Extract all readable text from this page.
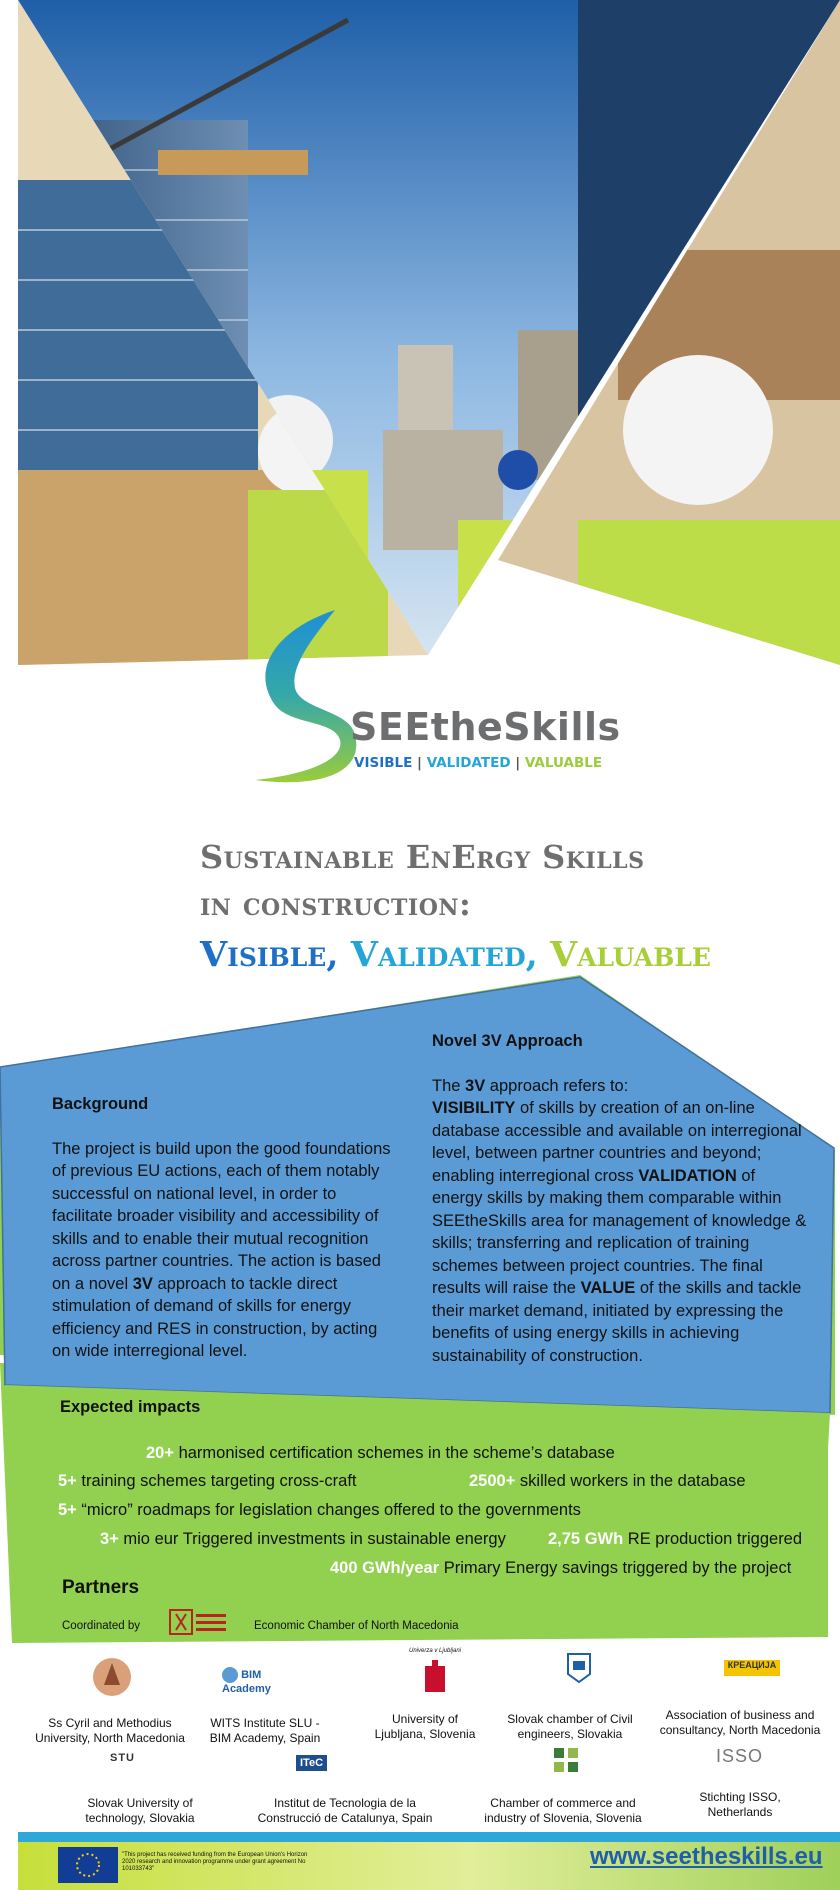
SEEtheSkills
VISIBLE | VALIDATED | VALUABLE
Sustainable EnErgy Skills
in construction:
Visible, Validated, Valuable
Background
The project is build upon the good foundations of previous EU actions, each of them notably successful on national level, in order to facilitate broader visibility and accessibility of skills and to enable their mutual recognition across partner countries. The action is based on a novel 3V approach to tackle direct stimulation of demand of skills for energy efficiency and RES in construction, by acting on wide interregional level.
Novel 3V Approach
The 3V approach refers to:
VISIBILITY of skills by creation of an on-line database accessible and available on interregional level, between partner countries and beyond; enabling interregional cross VALIDATION of energy skills by making them comparable within SEEtheSkills area for management of knowledge & skills; transferring and replication of training schemes between project countries. The final results will raise the VALUE of the skills and tackle their market demand, initiated by expressing the benefits of using energy skills in achieving sustainability of construction.
Expected impacts
20+ harmonised certification schemes in the scheme’s database
5+ training schemes targeting cross-craft	2500+ skilled workers in the database
5+ “micro” roadmaps for legislation changes offered to the governments
3+ mio eur Triggered investments in sustainable energy	2,75 GWh RE production triggered
400 GWh/year Primary Energy savings triggered by the project
Partners
Coordinated by	Economic Chamber of North Macedonia
BIM Academy
Univerza v Ljubljani
КРЕАЦИЈА
Ss Cyril and Methodius
University, North Macedonia
WITS Institute SLU -
BIM Academy, Spain
University of
Ljubljana, Slovenia
Slovak chamber of Civil
engineers, Slovakia
Association of business and
consultancy, North Macedonia
STU	ITeC	ISSO
Slovak University of
technology, Slovakia
Institut de Tecnologia de la
Construcció de Catalunya, Spain
Chamber of commerce and
industry of Slovenia, Slovenia
Stichting ISSO,
Netherlands
"This project has received funding from the European Union's Horizon 2020 research and innovation programme under grant agreement No 101033743"	www.seetheskills.eu
